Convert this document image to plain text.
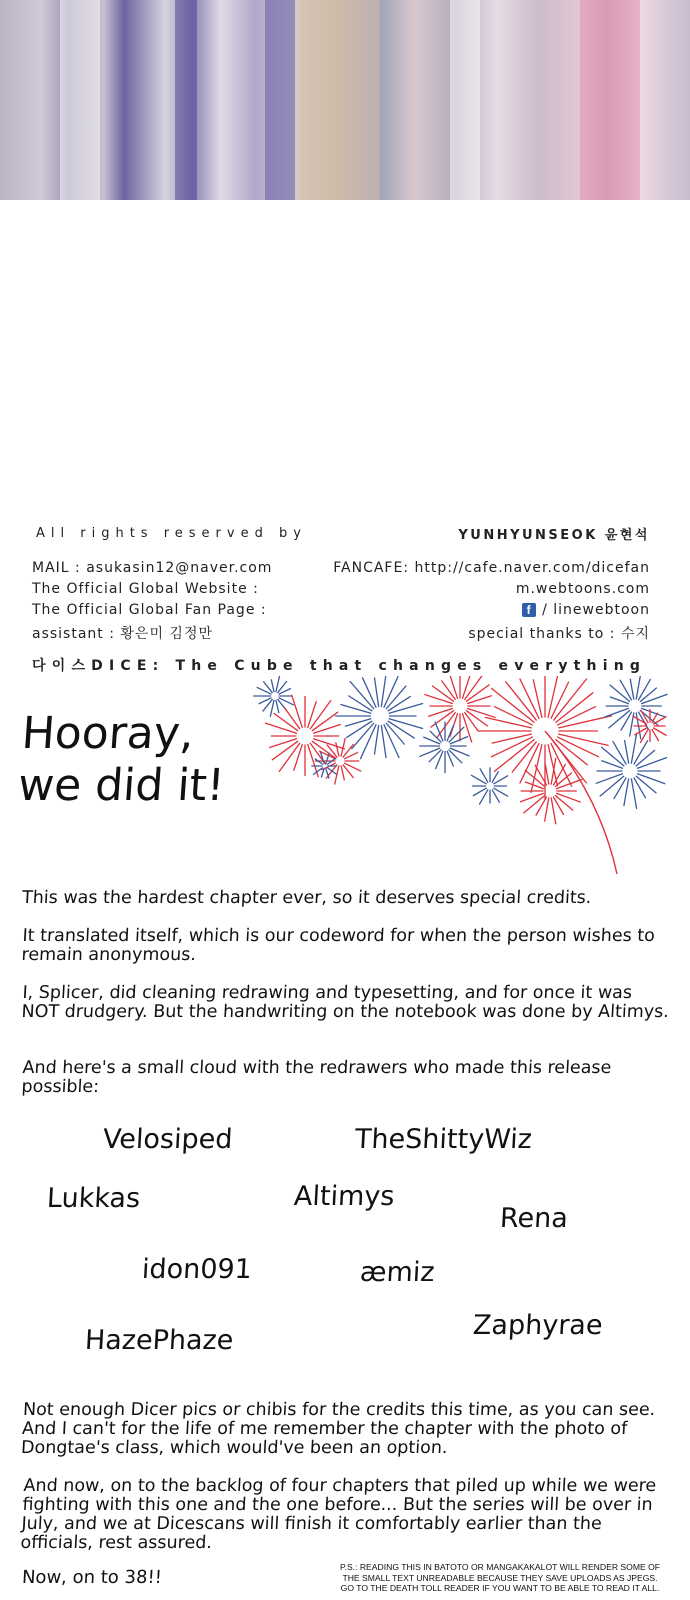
All rights reserved by	YUNHYUNSEOK 윤현석
MAIL : asukasin12@naver.com	FANCAFE: http://cafe.naver.com/dicefan
The Official Global Website :	m.webtoons.com
The Official Global Fan Page :	f / linewebtoon
assistant : 황은미 김정만	special thanks to : 수지
다이스DICE: The Cube that changes everything
Hooray,
we did it!
This was the hardest chapter ever, so it deserves special credits.
It translated itself, which is our codeword for when the person wishes to remain anonymous.
I, Splicer, did cleaning redrawing and typesetting, and for once it was NOT drudgery. But the handwriting on the notebook was done by Altimys.
And here's a small cloud with the redrawers who made this release possible:
Velosiped	TheShittyWiz
Lukkas	Altimys
Rena
idon091	æmiz
Zaphyrae
HazePhaze
Not enough Dicer pics or chibis for the credits this time, as you can see. And I can't for the life of me remember the chapter with the photo of Dongtae's class, which would've been an option.
And now, on to the backlog of four chapters that piled up while we were fighting with this one and the one before... But the series will be over in July, and we at Dicescans will finish it comfortably earlier than the officials, rest assured.
Now, on to 38!!	P.S.: READING THIS IN BATOTO OR MANGAKAKALOT WILL RENDER SOME OF
THE SMALL TEXT UNREADABLE BECAUSE THEY SAVE UPLOADS AS JPEGS.
GO TO THE DEATH TOLL READER IF YOU WANT TO BE ABLE TO READ IT ALL.
